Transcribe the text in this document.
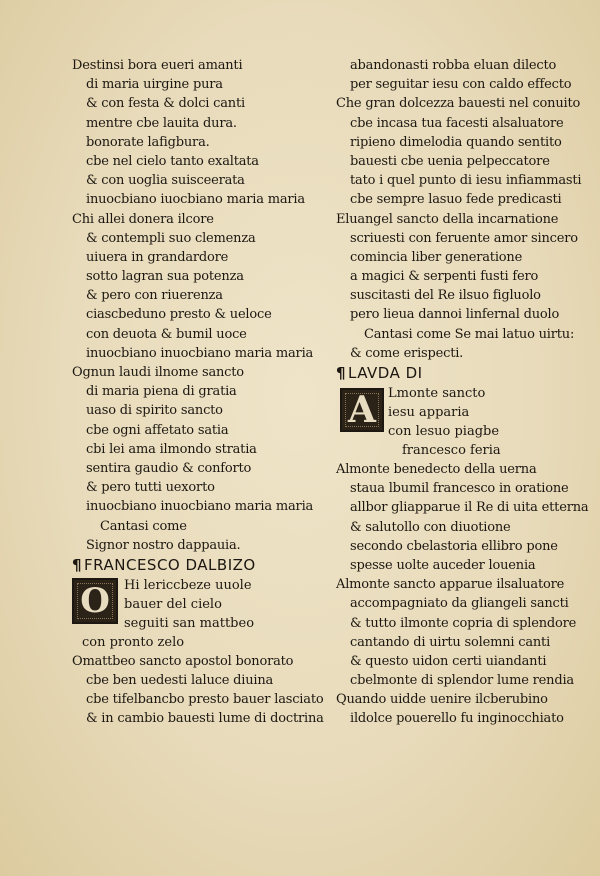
Destinsi bora eueri amanti
di maria uirgine pura
& con festa & dolci canti
mentre cbe lauita dura.
bonorate lafigbura.
cbe nel cielo tanto exaltata
& con uoglia suisceerata
inuocbiano iuocbiano maria maria
Chi allei donera ilcore
& contempli suo clemenza
uiuera in grandardore
sotto lagran sua potenza
& pero con riuerenza
ciascbeduno presto & ueloce
con deuota & bumil uoce
inuocbiano inuocbiano maria maria
Ognun laudi ilnome sancto
di maria piena di gratia
uaso di spirito sancto
cbe ogni affetato satia
cbi lei ama ilmondo stratia
sentira gaudio & conforto
& pero tutti uexorto
inuocbiano inuocbiano maria maria
Cantasi come
Signor nostro dappauia.
¶ FRANCESCO DALBIZO
O Hi lericcbeze uuole
bauer del cielo
seguiti san mattbeo
con pronto zelo
Omattbeo sancto apostol bonorato
cbe ben uedesti laluce diuina
cbe tifelbancbo presto bauer lasciato
& in cambio bauesti lume di doctrina
abandonasti robba eluan dilecto
per seguitar iesu con caldo effecto
Che gran dolcezza bauesti nel conuito
cbe incasa tua facesti alsaluatore
ripieno dimelodia quando sentito
bauesti cbe uenia pelpeccatore
tato i quel punto di iesu infiammasti
cbe sempre lasuo fede predicasti
Eluangel sancto della incarnatione
scriuesti con feruente amor sincero
comincia liber generatione
a magici & serpenti fusti fero
suscitasti del Re ilsuo figluolo
pero lieua dannoi linfernal duolo
Cantasi come Se mai latuo uirtu:
& come erispecti.
¶ LAVDA DI
A Lmonte sancto
iesu apparia
con lesuo piagbe
francesco feria
Almonte benedecto della uerna
staua lbumil francesco in oratione
allbor gliapparue il Re di uita etterna
& salutollo con diuotione
secondo cbelastoria ellibro pone
spesse uolte auceder louenia
Almonte sancto apparue ilsaluatore
accompagniato da gliangeli sancti
& tutto ilmonte copria di splendore
cantando di uirtu solemni canti
& questo uidon certi uiandanti
cbelmonte di splendor lume rendia
Quando uidde uenire ilcberubino
ildolce pouerello fu inginocchiato
